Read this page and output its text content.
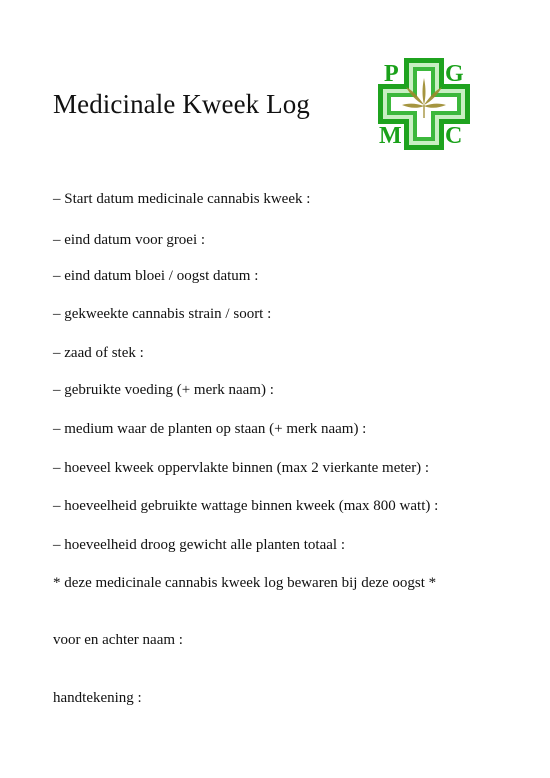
Medicinale Kweek Log
P G
M C
– Start datum medicinale cannabis kweek :
– eind datum voor groei :
– eind datum bloei / oogst datum :
– gekweekte cannabis strain / soort :
– zaad of stek :
– gebruikte voeding (+ merk naam) :
– medium waar de planten op staan (+ merk naam) :
– hoeveel kweek oppervlakte binnen (max 2 vierkante meter) :
– hoeveelheid gebruikte wattage binnen kweek (max 800 watt) :
– hoeveelheid droog gewicht alle planten totaal :
* deze medicinale cannabis kweek log bewaren bij deze oogst *
voor en achter naam :
handtekening :
